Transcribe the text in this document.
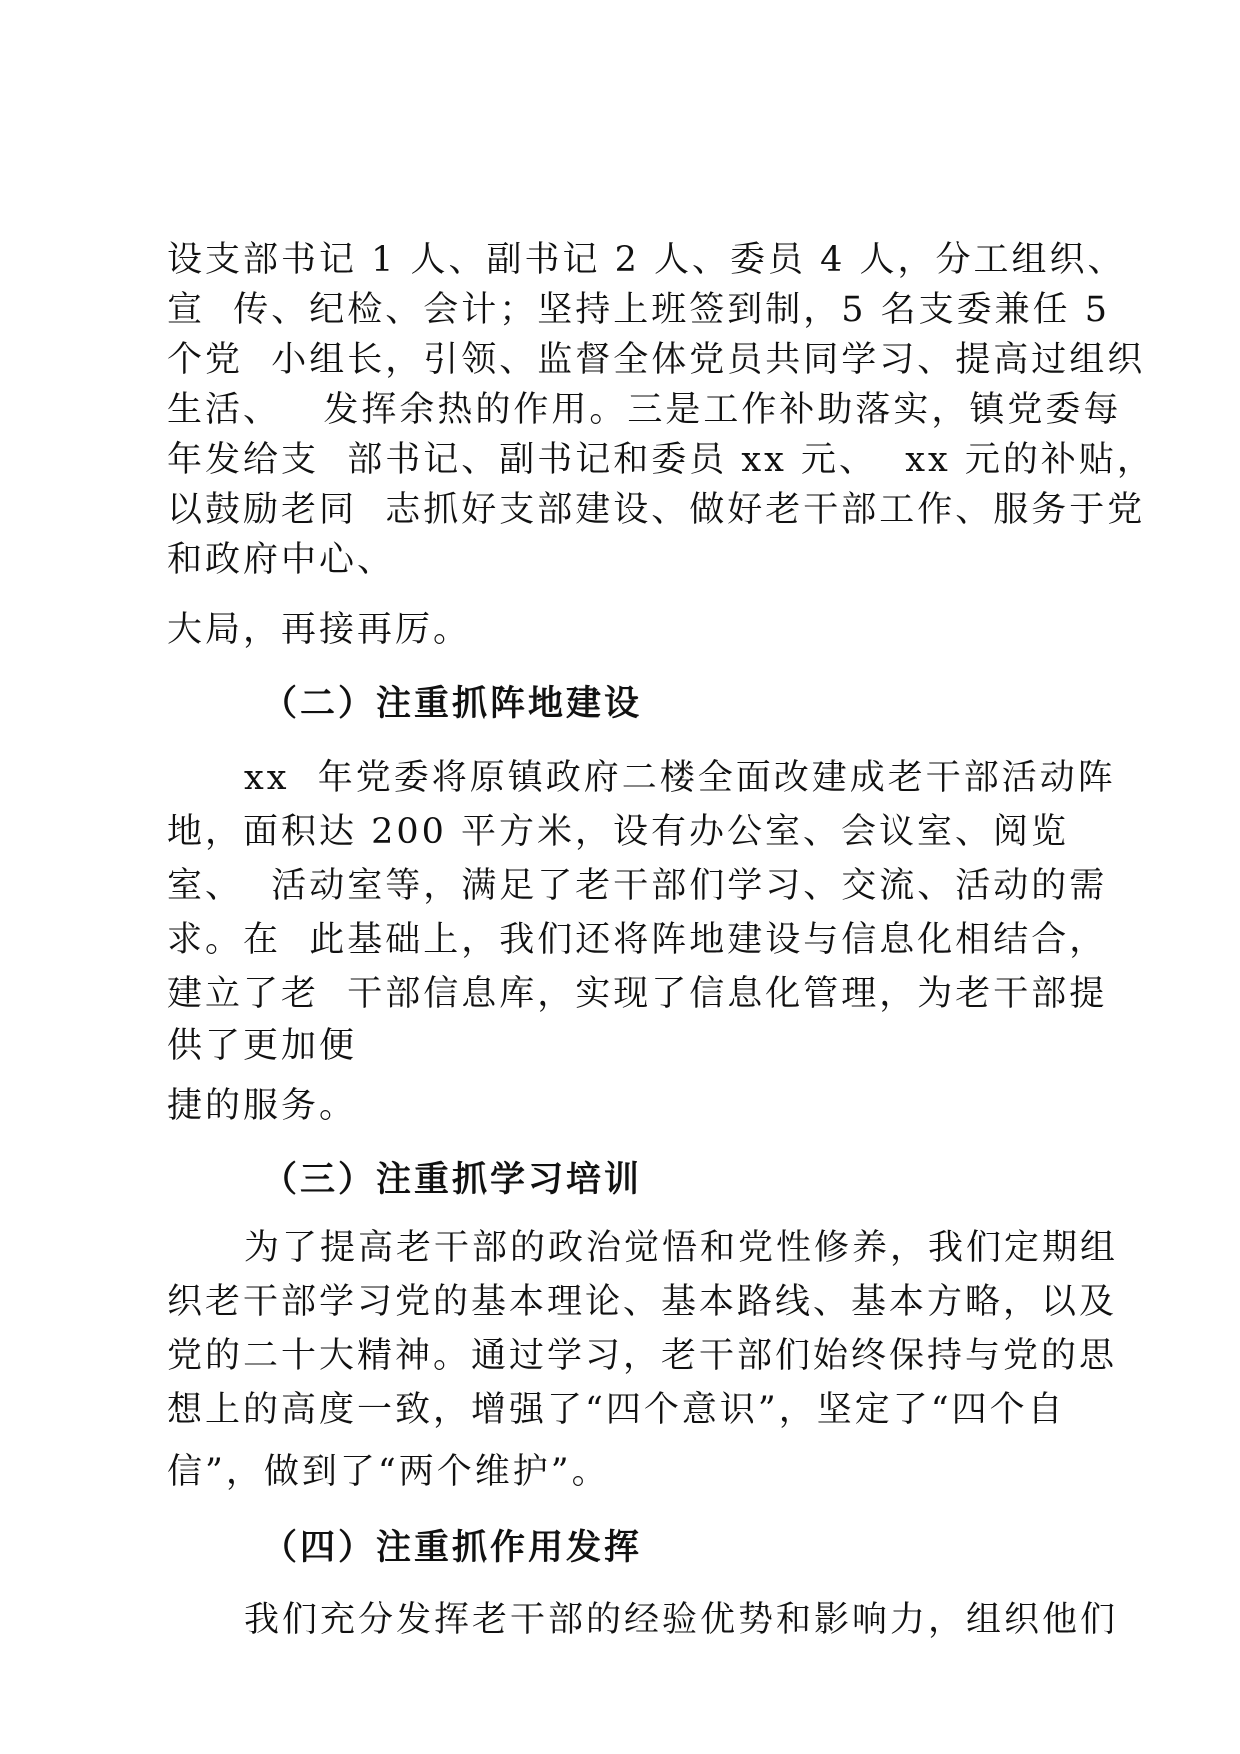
设支部书记 1 人、副书记 2 人、委员 4 人，分工组织、
宣  传、纪检、会计；坚持上班签到制，5 名支委兼任 5
个党  小组长，引领、监督全体党员共同学习、提高过组织
生活、   发挥余热的作用。三是工作补助落实，镇党委每
年发给支  部书记、副书记和委员 xx 元、  xx 元的补贴，
以鼓励老同  志抓好支部建设、做好老干部工作、服务于党
和政府中心、
大局，再接再厉。
（二）注重抓阵地建设
xx  年党委将原镇政府二楼全面改建成老干部活动阵
地，面积达 200 平方米，设有办公室、会议室、阅览
室、  活动室等，满足了老干部们学习、交流、活动的需
求。在  此基础上，我们还将阵地建设与信息化相结合，
建立了老  干部信息库，实现了信息化管理，为老干部提
供了更加便
捷的服务。
（三）注重抓学习培训
为了提高老干部的政治觉悟和党性修养，我们定期组
织老干部学习党的基本理论、基本路线、基本方略，以及
党的二十大精神。通过学习，老干部们始终保持与党的思
想上的高度一致，增强了“四个意识”，坚定了“四个自
信”，做到了“两个维护”。
（四）注重抓作用发挥
我们充分发挥老干部的经验优势和影响力，组织他们
